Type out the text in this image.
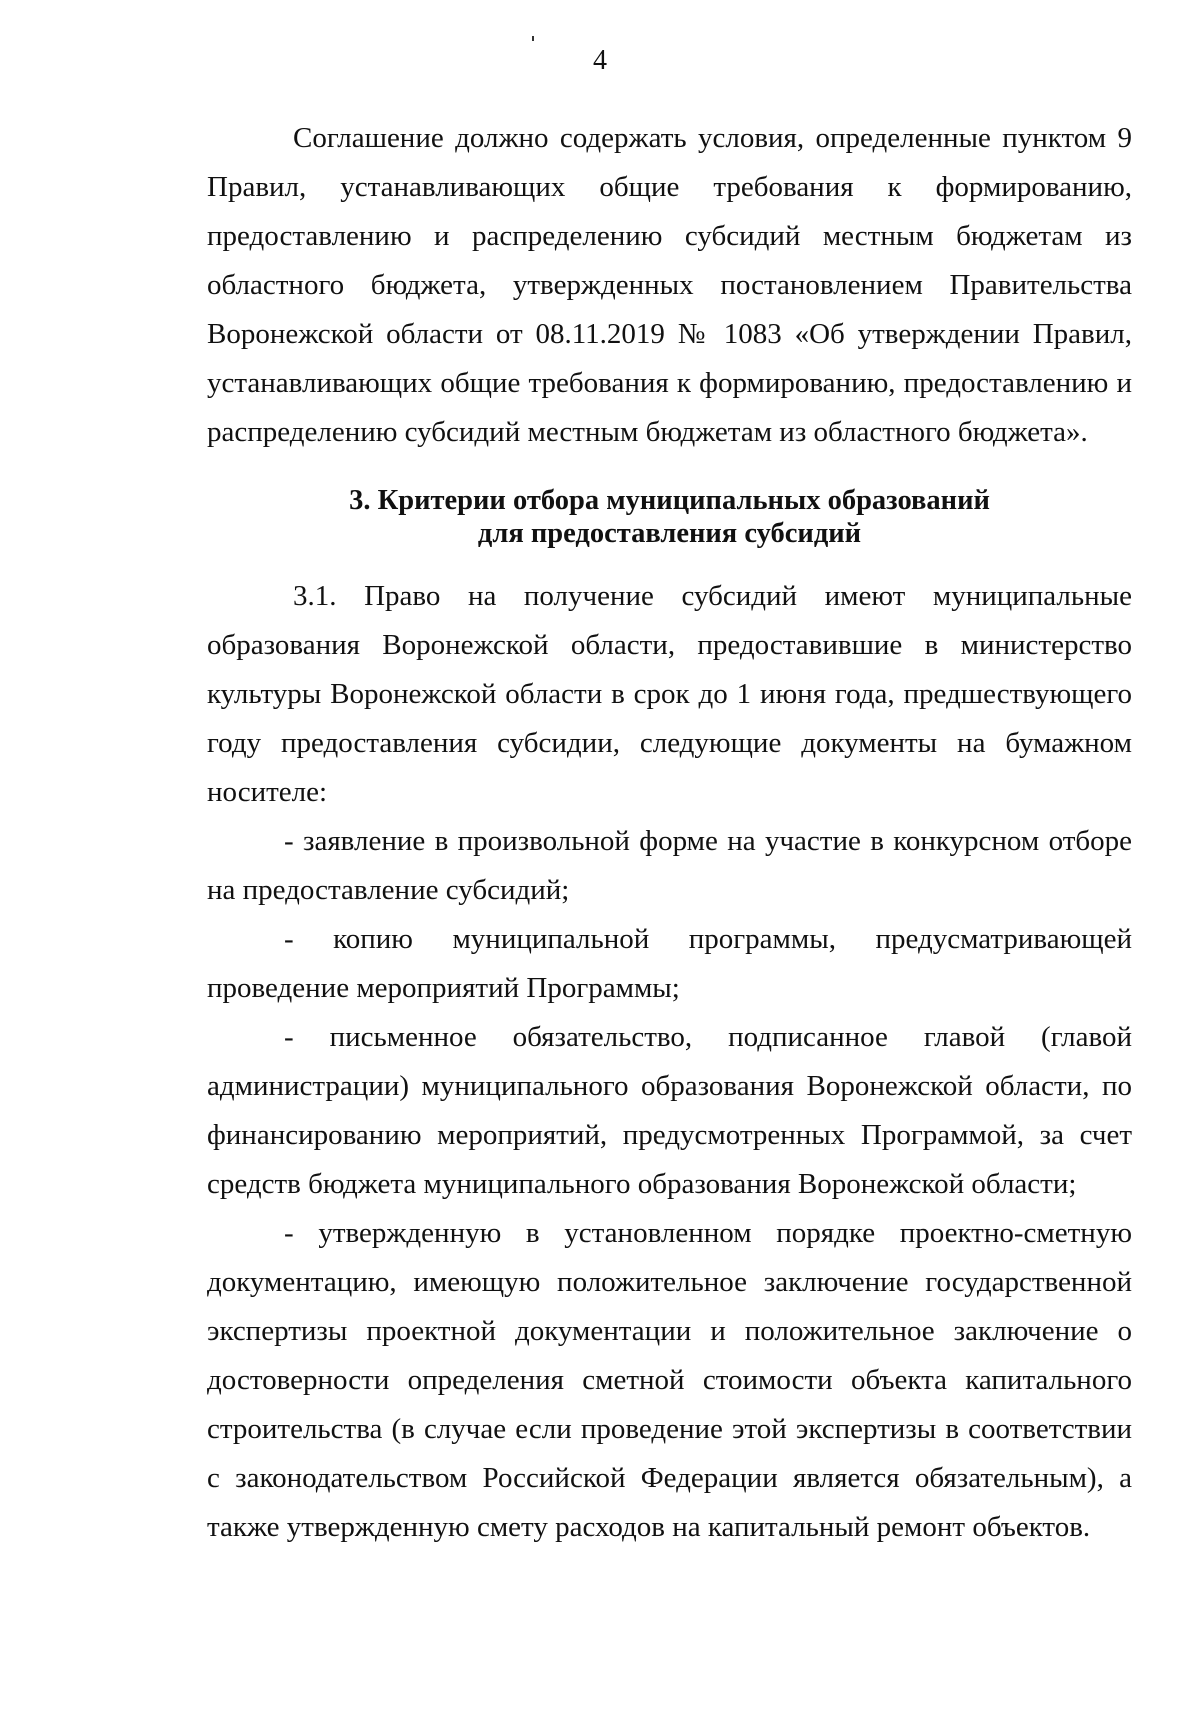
4

Соглашение должно содержать условия, определенные пунктом 9 Правил, устанавливающих общие требования к формированию, предоставлению и распределению субсидий местным бюджетам из областного бюджета, утвержденных постановлением Правительства Воронежской области от 08.11.2019 № 1083 «Об утверждении Правил, устанавливающих общие требования к формированию, предоставлению и распределению субсидий местным бюджетам из областного бюджета».

3. Критерии отбора муниципальных образований

для предоставления субсидий

3.1. Право на получение субсидий имеют муниципальные образования Воронежской области, предоставившие в министерство культуры Воронежской области в срок до 1 июня года, предшествующего году предоставления субсидии, следующие документы на бумажном носителе:

- заявление в произвольной форме на участие в конкурсном отборе на предоставление субсидий;

- копию муниципальной программы, предусматривающей проведение мероприятий Программы;

- письменное обязательство, подписанное главой (главой администрации) муниципального образования Воронежской области, по финансированию мероприятий, предусмотренных Программой, за счет средств бюджета муниципального образования Воронежской области;

- утвержденную в установленном порядке проектно-сметную документацию, имеющую положительное заключение государственной экспертизы проектной документации и положительное заключение о достоверности определения сметной стоимости объекта капитального строительства (в случае если проведение этой экспертизы в соответствии с законодательством Российской Федерации является обязательным), а также утвержденную смету расходов на капитальный ремонт объектов.
